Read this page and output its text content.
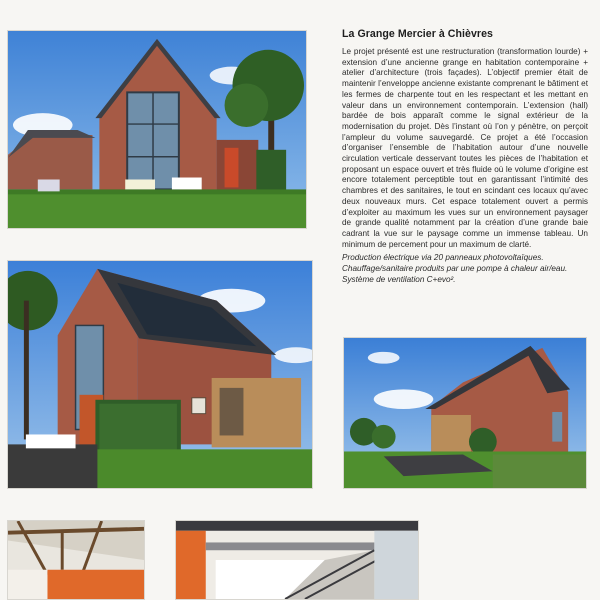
La Grange Mercier à Chièvres

Le projet présenté est une restructuration (transformation lourde) + extension d’une ancienne grange en habitation contemporaine + atelier d’architecture (trois façades). L’objectif premier était de maintenir l’enveloppe ancienne existante comprenant le bâtiment et les fermes de charpente tout en les respectant et les mettant en valeur dans un environnement contemporain. L’extension (hall) bardée de bois apparaît comme le signal extérieur de la modernisation du projet. Dès l’instant où l’on y pénètre, on perçoit l’ampleur du volume sauvegardé. Ce projet a été l’occasion d’organiser l’ensemble de l’habitation autour d’une nouvelle circulation verticale desservant toutes les pièces de l’habitation et proposant un espace ouvert et très fluide où le volume d’origine est encore totalement perceptible tout en garantissant l’intimité des chambres et des sanitaires, le tout en scindant ces locaux qu’avec deux nouveaux murs. Cet espace totalement ouvert a permis d’exploiter au maximum les vues sur un environnement paysager de grande qualité notamment par la création d’une grande baie cadrant la vue sur le paysage comme un immense tableau. Un minimum de percement pour un maximum de clarté.

Production électrique via 20 panneaux photovoltaïques.
Chauffage/sanitaire produits par une pompe à chaleur air/eau.
Système de ventilation C+evo².
